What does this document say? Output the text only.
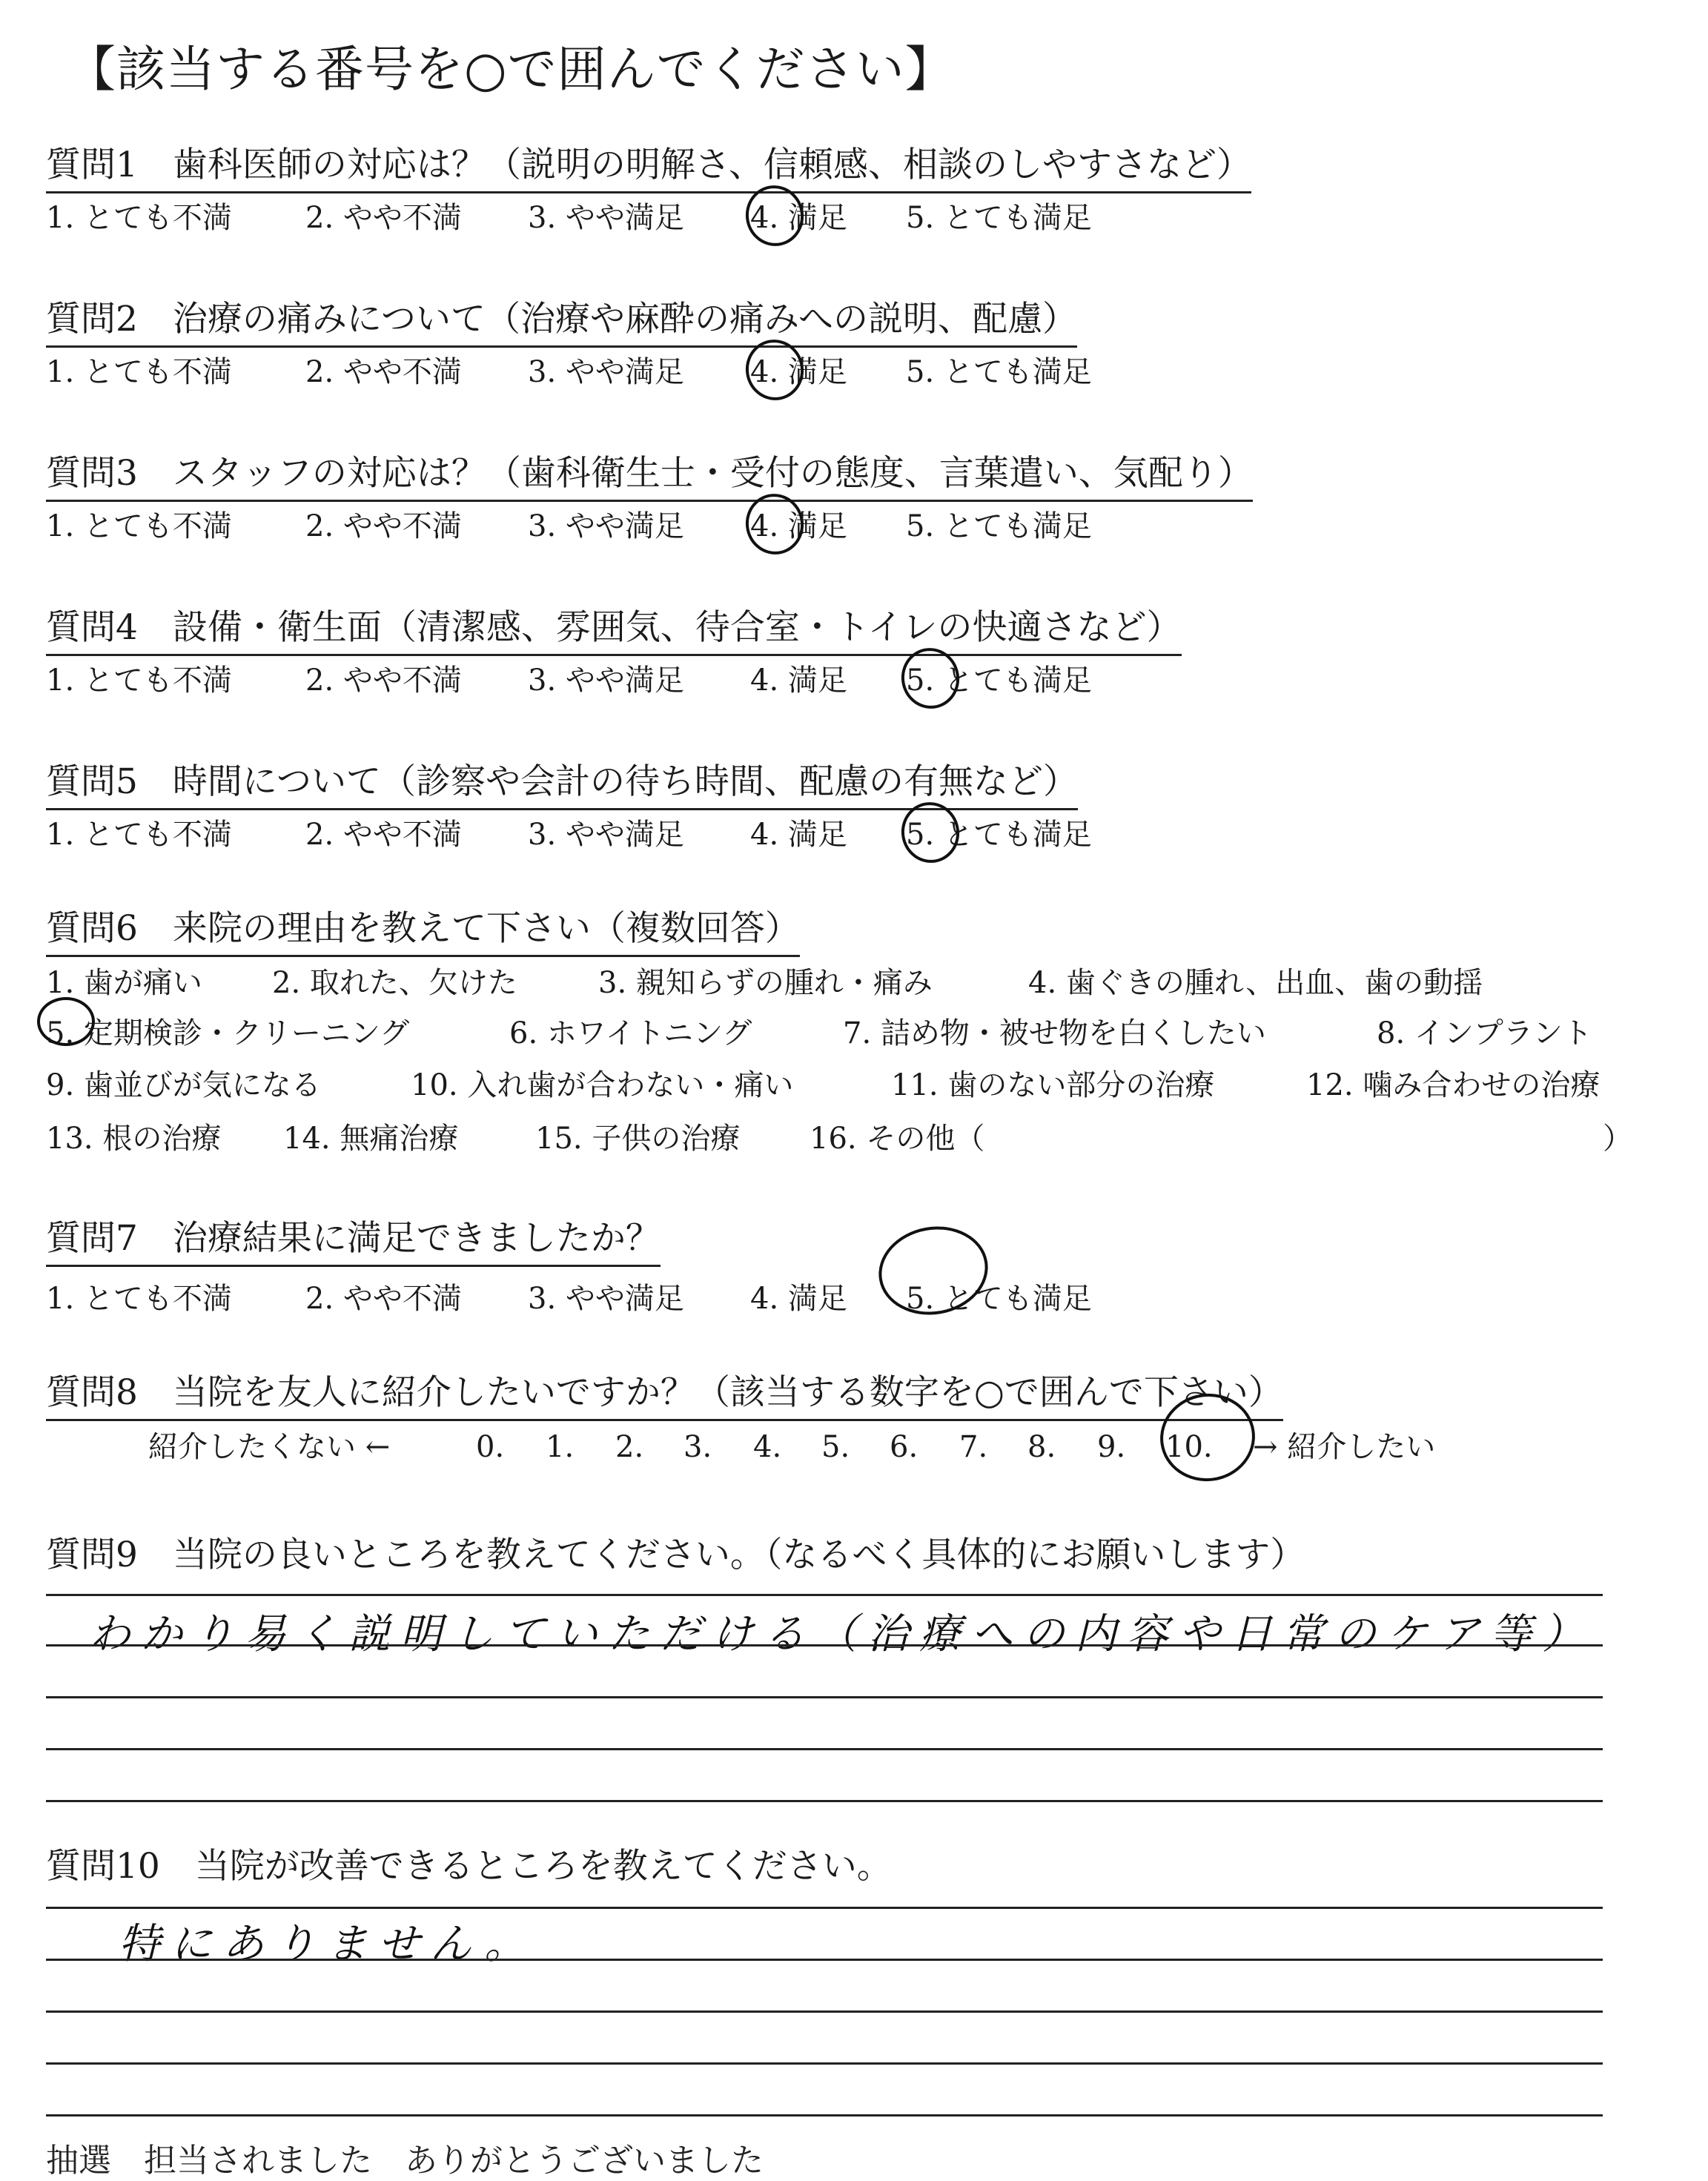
【該当する番号を○で囲んでください】
質問1　歯科医師の対応は？（説明の明解さ、信頼感、相談のしやすさなど）
1. とても不満 2. やや不満 3. やや満足 4. 満足 5. とても満足
質問2　治療の痛みについて（治療や麻酔の痛みへの説明、配慮）
1. とても不満 2. やや不満 3. やや満足 4. 満足 5. とても満足
質問3　スタッフの対応は？（歯科衛生士・受付の態度、言葉遣い、気配り）
1. とても不満 2. やや不満 3. やや満足 4. 満足 5. とても満足
質問4　設備・衛生面（清潔感、雰囲気、待合室・トイレの快適さなど）
1. とても不満 2. やや不満 3. やや満足 4. 満足 5. とても満足
質問5　時間について（診察や会計の待ち時間、配慮の有無など）
1. とても不満 2. やや不満 3. やや満足 4. 満足 5. とても満足
質問6　来院の理由を教えて下さい（複数回答）
1. 歯が痛い 2. 取れた、欠けた	3. 親知らずの腫れ・痛み	4. 歯ぐきの腫れ、出血、歯の動揺
5. 定期検診・クリーニング	6. ホワイトニング	7. 詰め物・被せ物を白くしたい	8. インプラント
9. 歯並びが気になる	10. 入れ歯が合わない・痛い	11. 歯のない部分の治療	12. 噛み合わせの治療
13. 根の治療 14. 無痛治療	15. 子供の治療 16. その他（	）
質問7　治療結果に満足できましたか？
1. とても不満 2. やや不満 3. やや満足 4. 満足 5. とても満足
質問8　当院を友人に紹介したいですか？（該当する数字を○で囲んで下さい）
紹介したくない ←	0. 1. 2. 3. 4. 5. 6. 7. 8. 9. 10. → 紹介したい
質問9　当院の良いところを教えてください。（なるべく具体的にお願いします）
わかり易く説明していただける（治療への内容や日常のケア等）
質問10　当院が改善できるところを教えてください。
特にありません。
抽選　担当されました　ありがとうございました
